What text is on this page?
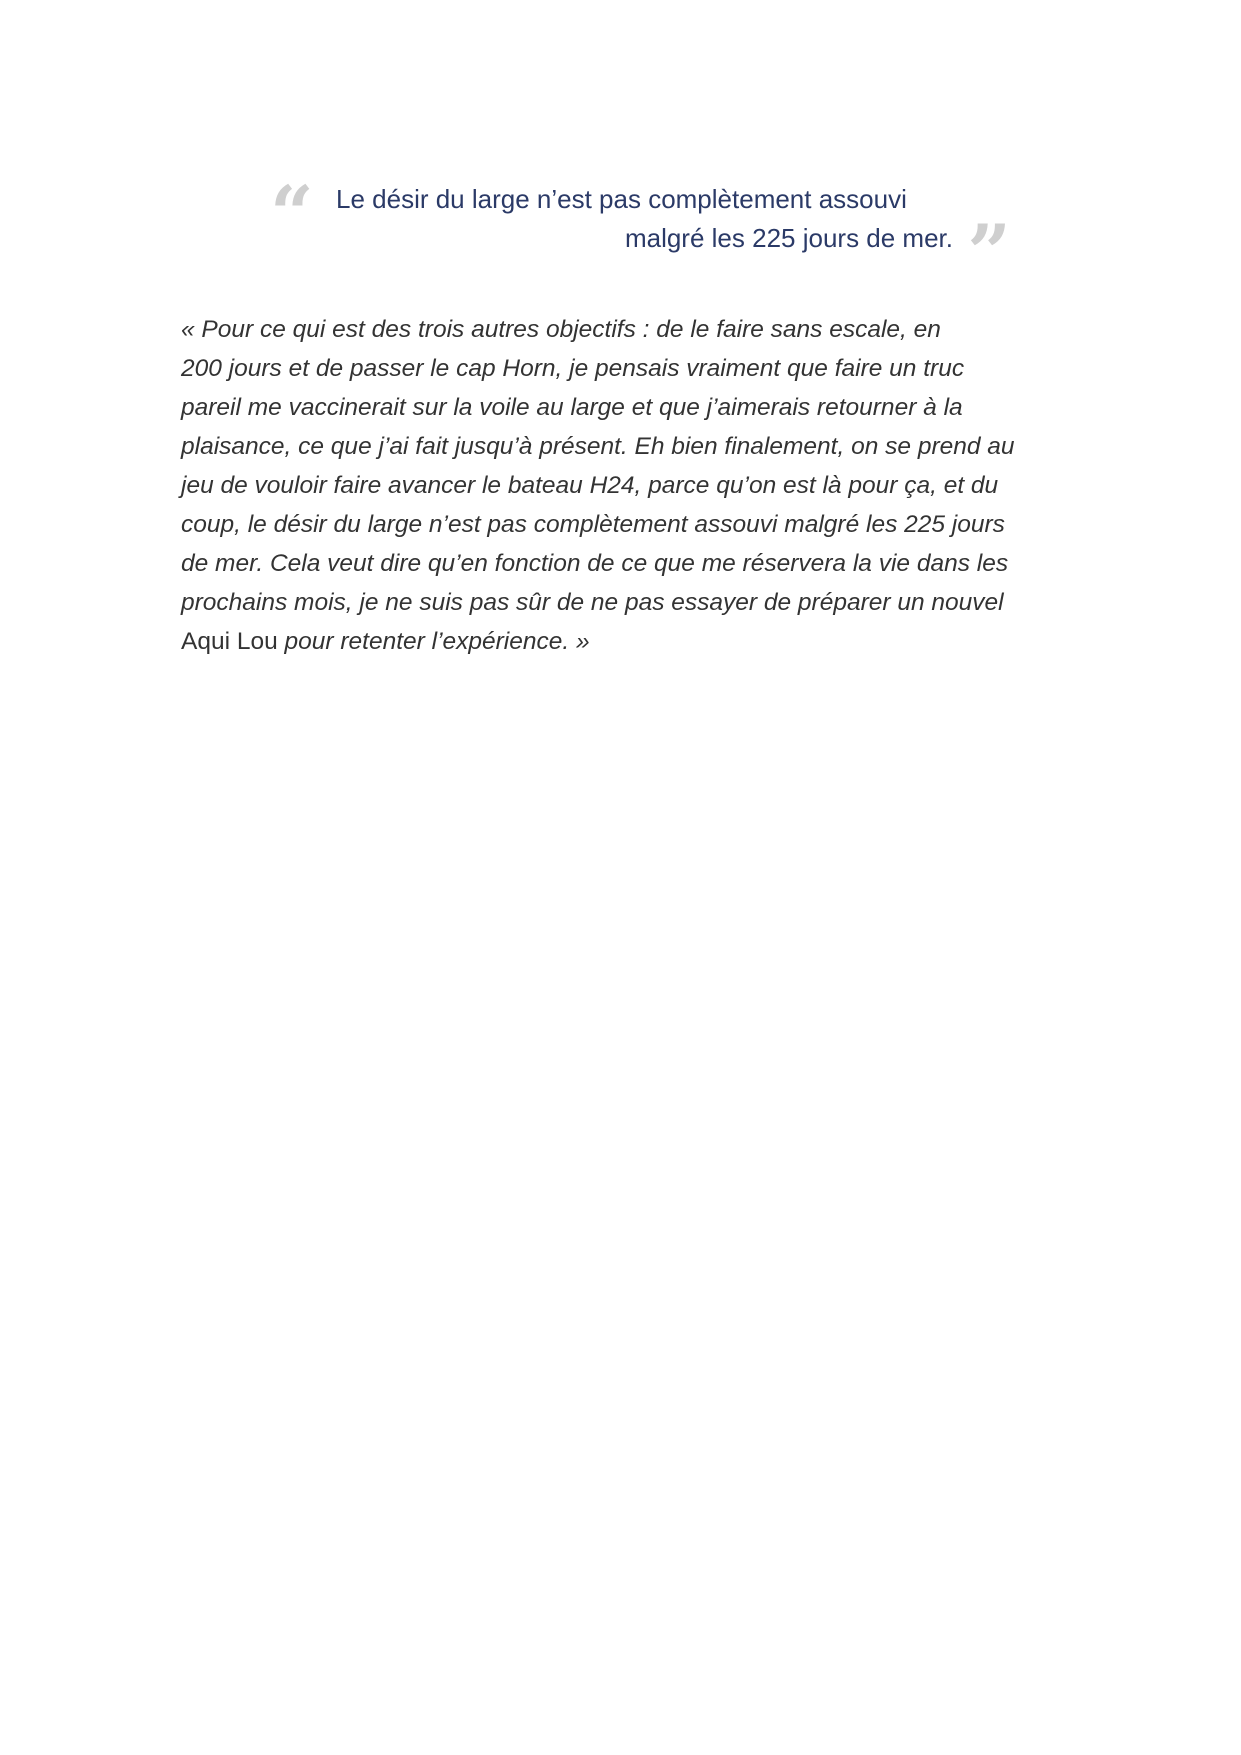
“ Le désir du large n’est pas complètement assouvi
malgré les 225 jours de mer. ”
« Pour ce qui est des trois autres objectifs : de le faire sans escale, en
200 jours et de passer le cap Horn, je pensais vraiment que faire un truc
pareil me vaccinerait sur la voile au large et que j’aimerais retourner à la
plaisance, ce que j’ai fait jusqu’à présent. Eh bien finalement, on se prend au
jeu de vouloir faire avancer le bateau H24, parce qu’on est là pour ça, et du
coup, le désir du large n’est pas complètement assouvi malgré les 225 jours
de mer. Cela veut dire qu’en fonction de ce que me réservera la vie dans les
prochains mois, je ne suis pas sûr de ne pas essayer de préparer un nouvel
Aqui Lou pour retenter l’expérience. »
